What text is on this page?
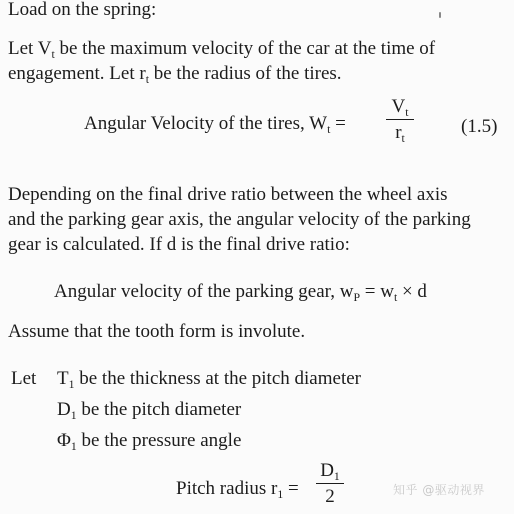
Load on the spring:
Let $V_t$ be the maximum velocity of the car at the time of
engagement. Let $r_t$ be the radius of the tires.
Angular Velocity of the tires, $W_t$ =
$V_t$
$r_t$
(1.5)
Depending on the final drive ratio between the wheel axis
and the parking gear axis, the angular velocity of the parking
gear is calculated. If d is the final drive ratio:
Angular velocity of the parking gear, $w_P = w_t \times d$
Assume that the tooth form is involute.
Let $T_1$ be the thickness at the pitch diameter
$D_1$ be the pitch diameter
$\Phi_1$ be the pressure angle
Pitch radius $r_1$ =
$D_1$
2	知乎 @驱动视界
